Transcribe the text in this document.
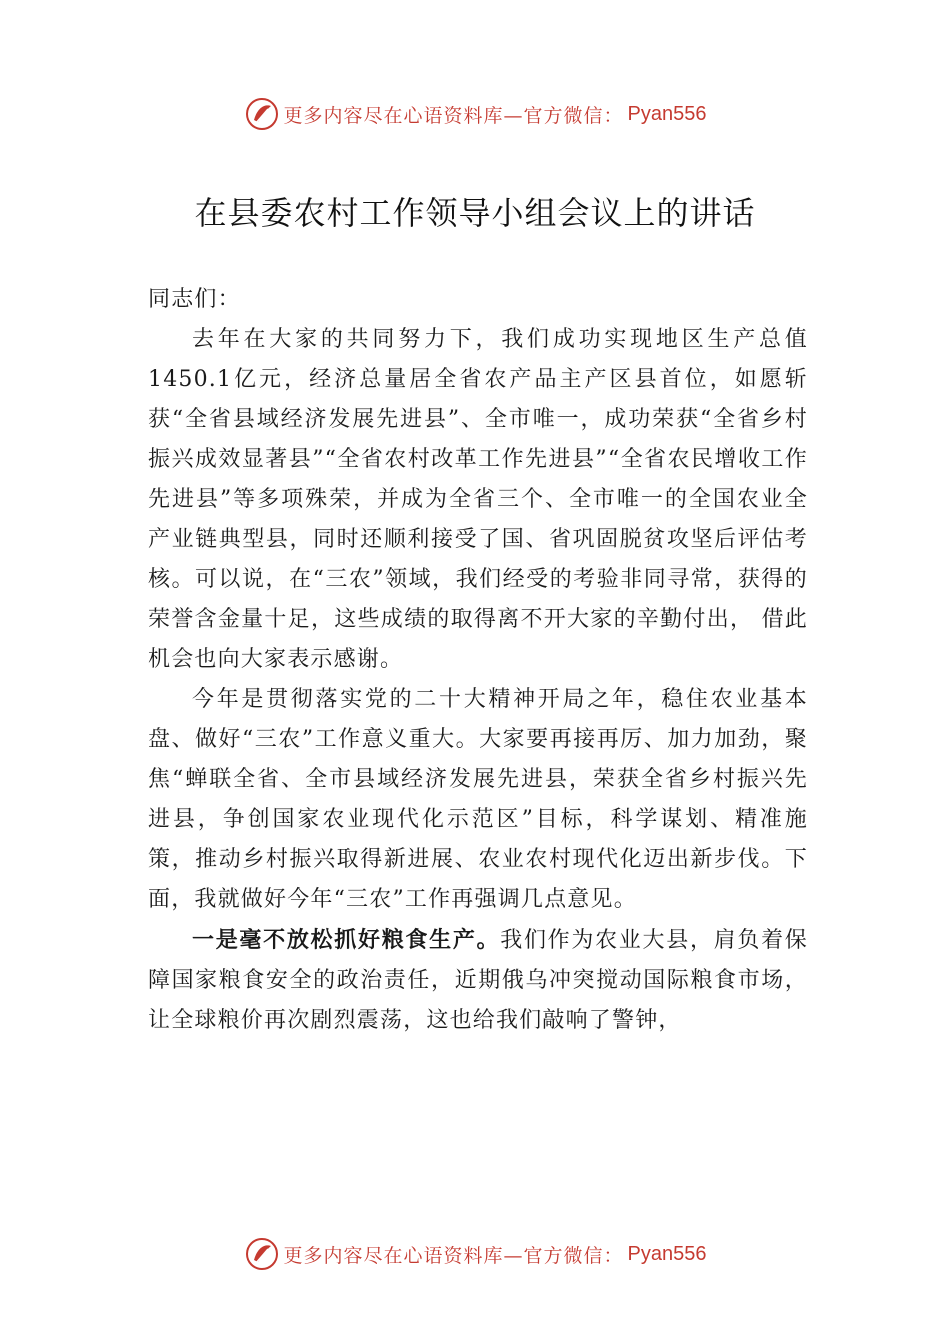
更多内容尽在心语资料库—官方微信： Pyan556
在县委农村工作领导小组会议上的讲话

同志们：

去年在大家的共同努力下，我们成功实现地区生产总值1450.1亿元，经济总量居全省农产品主产区县首位，如愿斩获“全省县域经济发展先进县”、全市唯一，成功荣获“全省乡村振兴成效显著县”“全省农村改革工作先进县”“全省农民增收工作先进县”等多项殊荣，并成为全省三个、全市唯一的全国农业全产业链典型县，同时还顺利接受了国、省巩固脱贫攻坚后评估考核。可以说，在“三农”领域，我们经受的考验非同寻常，获得的荣誉含金量十足，这些成绩的取得离不开大家的辛勤付出， 借此机会也向大家表示感谢。

今年是贯彻落实党的二十大精神开局之年，稳住农业基本盘、做好“三农”工作意义重大。大家要再接再厉、加力加劲，聚焦“蝉联全省、全市县域经济发展先进县，荣获全省乡村振兴先进县，争创国家农业现代化示范区”目标，科学谋划、精准施策，推动乡村振兴取得新进展、农业农村现代化迈出新步伐。下面，我就做好今年“三农”工作再强调几点意见。

一是毫不放松抓好粮食生产。我们作为农业大县，肩负着保障国家粮食安全的政治责任，近期俄乌冲突搅动国际粮食市场，让全球粮价再次剧烈震荡，这也给我们敲响了警钟，

更多内容尽在心语资料库—官方微信： Pyan556
